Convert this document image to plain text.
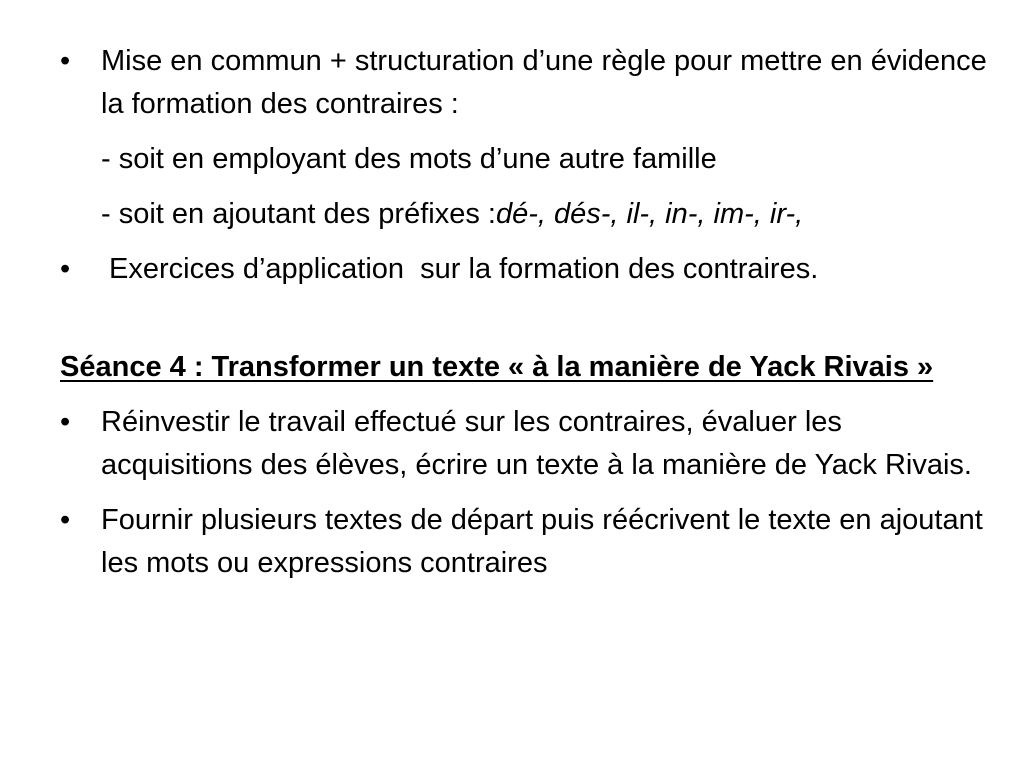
•	Mise en commun + structuration d’une règle pour mettre en évidence la formation des contraires :
- soit en employant des mots d’une autre famille
- soit en ajoutant des préfixes :dé-, dés-, il-, in-, im-, ir-,
•	Exercices d’application  sur la formation des contraires.
Séance 4 : Transformer un texte « à la manière de Yack Rivais »
•	Réinvestir le travail effectué sur les contraires, évaluer les acquisitions des élèves, écrire un texte à la manière de Yack Rivais.
•	Fournir plusieurs textes de départ puis réécrivent le texte en ajoutant les mots ou expressions contraires
